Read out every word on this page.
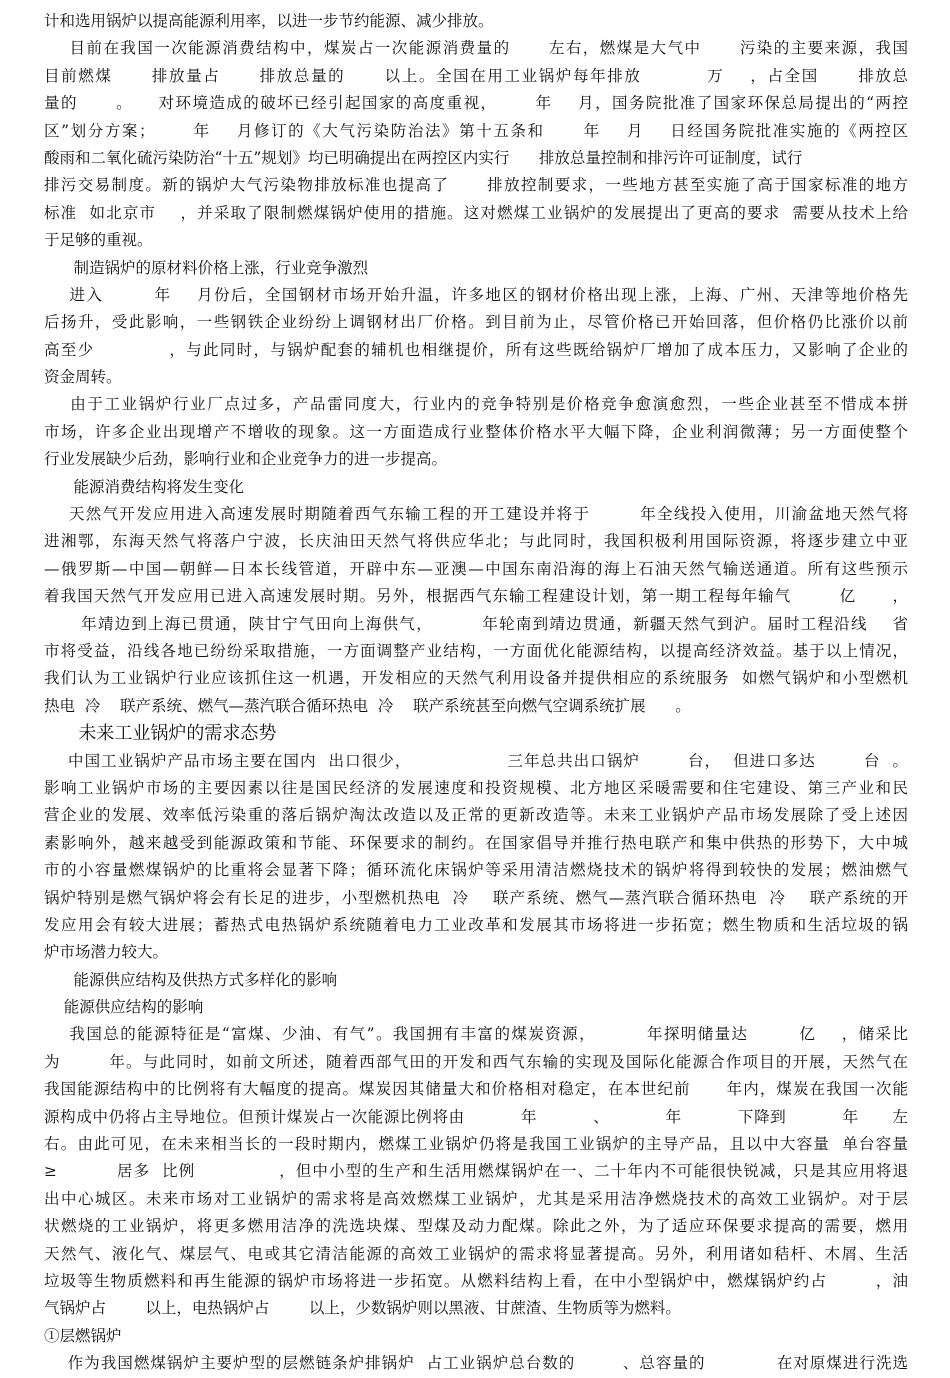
计和选用锅炉以提高能源利用率，以进一步节约能源、减少排放。
目前在我国一次能源消费结构中，煤炭占一次能源消费量的      左右，燃煤是大气中      污染的主要来源，我国
目前燃煤      排放量占      排放总量的      以上。全国在用工业锅炉每年排放          万    ，占全国      排放总
量的      。    对环境造成的破坏已经引起国家的高度重视，      年    月，国务院批准了国家环保总局提出的“两控
区”划分方案；      年    月修订的《大气污染防治法》第十五条和      年    月    日经国务院批准实施的《两控区
酸雨和二氧化硫污染防治“十五”规划》均已明确提出在两控区内实行      排放总量控制和排污许可证制度，试行
排污交易制度。新的锅炉大气污染物排放标准也提高了      排放控制要求，一些地方甚至实施了高于国家标准的地方
标准  如北京市    ，并采取了限制燃煤锅炉使用的措施。这对燃煤工业锅炉的发展提出了更高的要求  需要从技术上给
于足够的重视。
制造锅炉的原材料价格上涨，行业竞争激烈
进入        年    月份后，全国钢材市场开始升温，许多地区的钢材价格出现上涨，上海、广州、天津等地价格先
后扬升，受此影响，一些钢铁企业纷纷上调钢材出厂价格。到目前为止，尽管价格已开始回落，但价格仍比涨价以前
高至少            ，与此同时，与锅炉配套的辅机也相继提价，所有这些既给锅炉厂增加了成本压力，又影响了企业的
资金周转。
由于工业锅炉行业厂点过多，产品雷同度大，行业内的竞争特别是价格竞争愈演愈烈，一些企业甚至不惜成本拼
市场，许多企业出现增产不增收的现象。这一方面造成行业整体价格水平大幅下降，企业利润微薄；另一方面使整个
行业发展缺少后劲，影响行业和企业竞争力的进一步提高。
能源消费结构将发生变化
天然气开发应用进入高速发展时期随着西气东输工程的开工建设并将于        年全线投入使用，川渝盆地天然气将
进湘鄂，东海天然气将落户宁波，长庆油田天然气将供应华北；与此同时，我国积极利用国际资源，将逐步建立中亚
—俄罗斯—中国—朝鲜—日本长线管道，开辟中东—亚澳—中国东南沿海的海上石油天然气输送通道。所有这些预示
着我国天然气开发应用已进入高速发展时期。另外，根据西气东输工程建设计划，第一期工程每年输气        亿      ，
年靖边到上海已贯通，陕甘宁气田向上海供气，        年轮南到靖边贯通，新疆天然气到沪。届时工程沿线    省
市将受益，沿线各地已纷纷采取措施，一方面调整产业结构，一方面优化能源结构，以提高经济效益。基于以上情况，
我们认为工业锅炉行业应该抓住这一机遇，开发相应的天然气利用设备并提供相应的系统服务  如燃气锅炉和小型燃机
热电  冷    联产系统、燃气—蒸汽联合循环热电  冷    联产系统甚至向燃气空调系统扩展      。
未来工业锅炉的需求态势
中国工业锅炉产品市场主要在国内  出口很少，                三年总共出口锅炉        台，  但进口多达        台  。
影响工业锅炉市场的主要因素以往是国民经济的发展速度和投资规模、北方地区采暖需要和住宅建设、第三产业和民
营企业的发展、效率低污染重的落后锅炉淘汰改造以及正常的更新改造等。未来工业锅炉产品市场发展除了受上述因
素影响外，越来越受到能源政策和节能、环保要求的制约。在国家倡导并推行热电联产和集中供热的形势下，大中城
市的小容量燃煤锅炉的比重将会显著下降；循环流化床锅炉等采用清洁燃烧技术的锅炉将得到较快的发展；燃油燃气
锅炉特别是燃气锅炉将会有长足的进步，小型燃机热电  冷    联产系统、燃气—蒸汽联合循环热电  冷    联产系统的开
发应用会有较大进展；蓄热式电热锅炉系统随着电力工业改革和发展其市场将进一步拓宽；燃生物质和生活垃圾的锅
炉市场潜力较大。
能源供应结构及供热方式多样化的影响
能源供应结构的影响
我国总的能源特征是“富煤、少油、有气”。我国拥有丰富的煤炭资源，        年探明储量达        亿    ，储采比
为        年。与此同时，如前文所述，随着西部气田的开发和西气东输的实现及国际化能源合作项目的开展，天然气在
我国能源结构中的比例将有大幅度的提高。煤炭因其储量大和价格相对稳定，在本世纪前      年内，煤炭在我国一次能
源构成中仍将占主导地位。但预计煤炭占一次能源比例将由          年          、          年          下降到          年      左
右。由此可见，在未来相当长的一段时期内，燃煤工业锅炉仍将是我国工业锅炉的主导产品，且以中大容量  单台容量
≥          居多  比例              ，但中小型的生产和生活用燃煤锅炉在一、二十年内不可能很快锐减，只是其应用将退
出中心城区。未来市场对工业锅炉的需求将是高效燃煤工业锅炉，尤其是采用洁净燃烧技术的高效工业锅炉。对于层
状燃烧的工业锅炉，将更多燃用洁净的洗选块煤、型煤及动力配煤。除此之外，为了适应环保要求提高的需要，燃用
天然气、液化气、煤层气、电或其它清洁能源的高效工业锅炉的需求将显著提高。另外，利用诸如秸杆、木屑、生活
垃圾等生物质燃料和再生能源的锅炉市场将进一步拓宽。从燃料结构上看，在中小型锅炉中，燃煤锅炉约占        ，油
气锅炉占        以上，电热锅炉占        以上，少数锅炉则以黑液、甘蔗渣、生物质等为燃料。
①层燃锅炉
作为我国燃煤锅炉主要炉型的层燃链条炉排锅炉  占工业锅炉总台数的        、总容量的            在对原煤进行洗选
